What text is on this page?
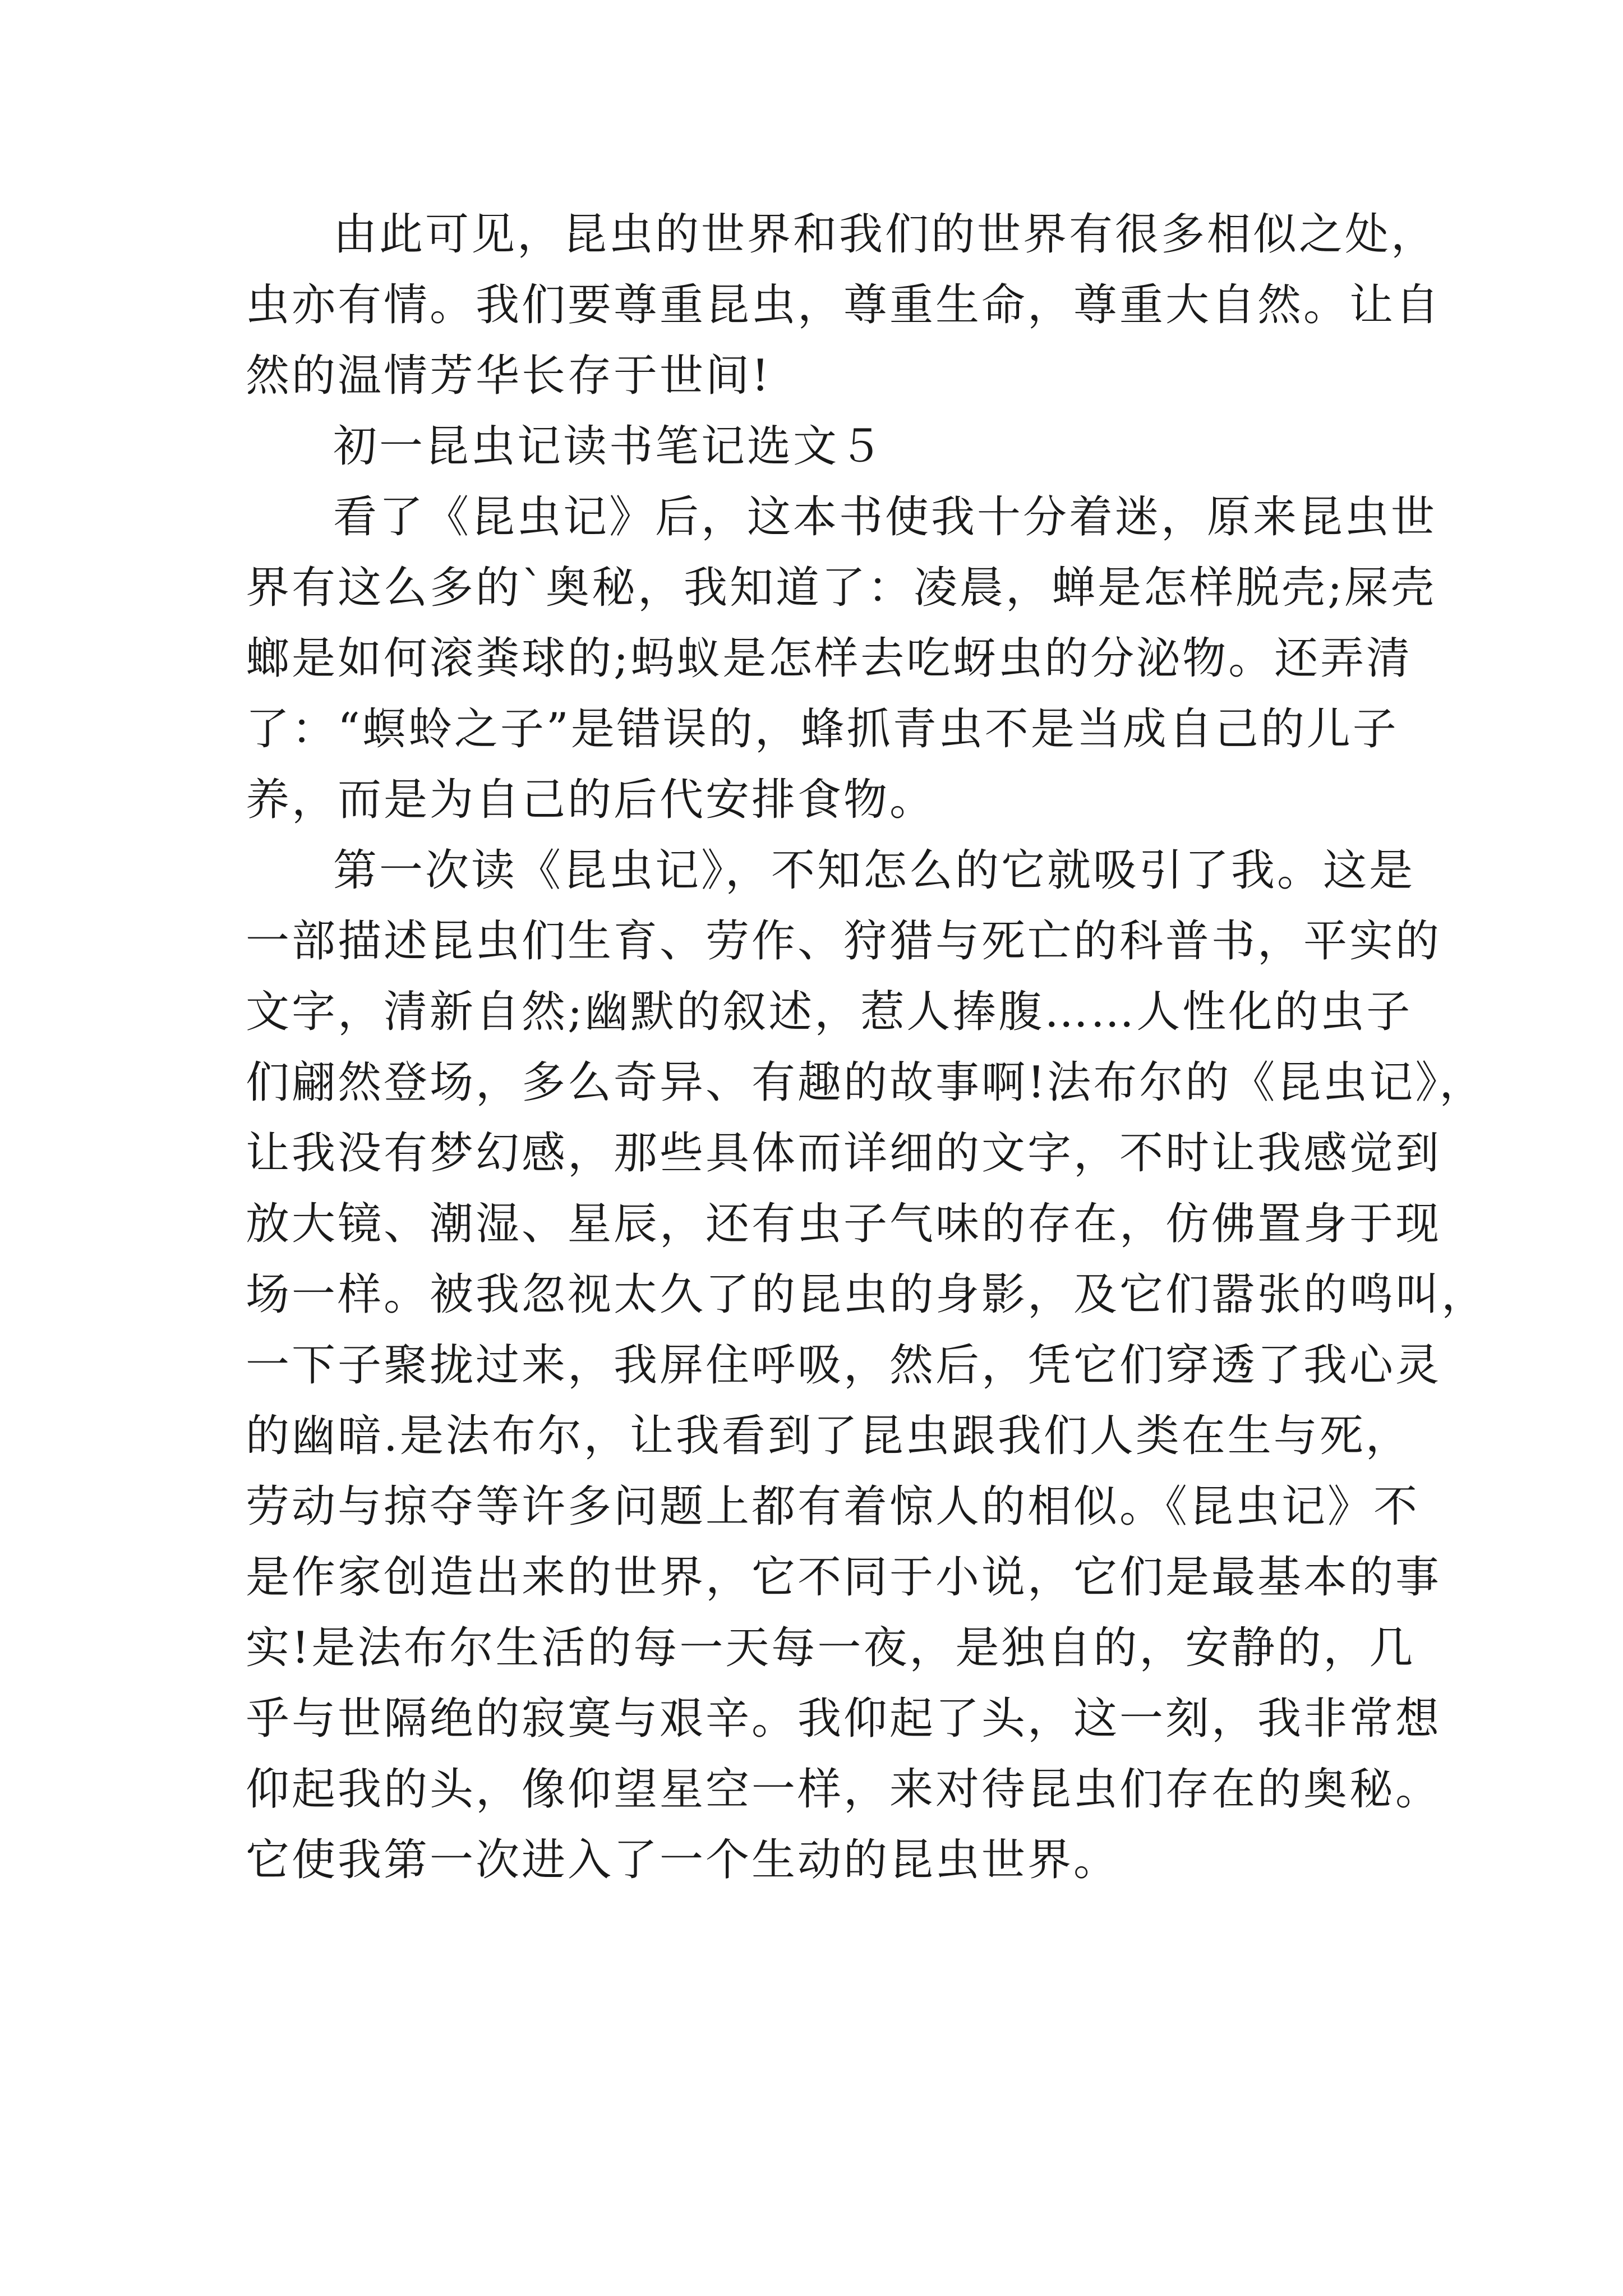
由此可见，昆虫的世界和我们的世界有很多相似之处，
虫亦有情。我们要尊重昆虫，尊重生命，尊重大自然。让自
然的温情芳华长存于世间!
初一昆虫记读书笔记选文５
看了《昆虫记》后，这本书使我十分着迷，原来昆虫世
界有这么多的`奥秘，我知道了：凌晨，蝉是怎样脱壳;屎壳
螂是如何滚粪球的;蚂蚁是怎样去吃蚜虫的分泌物。还弄清
了：“螟蛉之子”是错误的，蜂抓青虫不是当成自己的儿子
养，而是为自己的后代安排食物。
第一次读《昆虫记》，不知怎么的它就吸引了我。这是
一部描述昆虫们生育、劳作、狩猎与死亡的科普书，平实的
文字，清新自然;幽默的叙述，惹人捧腹……人性化的虫子
们翩然登场，多么奇异、有趣的故事啊!法布尔的《昆虫记》，
让我没有梦幻感，那些具体而详细的文字，不时让我感觉到
放大镜、潮湿、星辰，还有虫子气味的存在，仿佛置身于现
场一样。被我忽视太久了的昆虫的身影，及它们嚣张的鸣叫，
一下子聚拢过来，我屏住呼吸，然后，凭它们穿透了我心灵
的幽暗.是法布尔，让我看到了昆虫跟我们人类在生与死，
劳动与掠夺等许多问题上都有着惊人的相似。《昆虫记》不
是作家创造出来的世界，它不同于小说，它们是最基本的事
实!是法布尔生活的每一天每一夜，是独自的，安静的，几
乎与世隔绝的寂寞与艰辛。我仰起了头，这一刻，我非常想
仰起我的头，像仰望星空一样，来对待昆虫们存在的奥秘。
它使我第一次进入了一个生动的昆虫世界。
